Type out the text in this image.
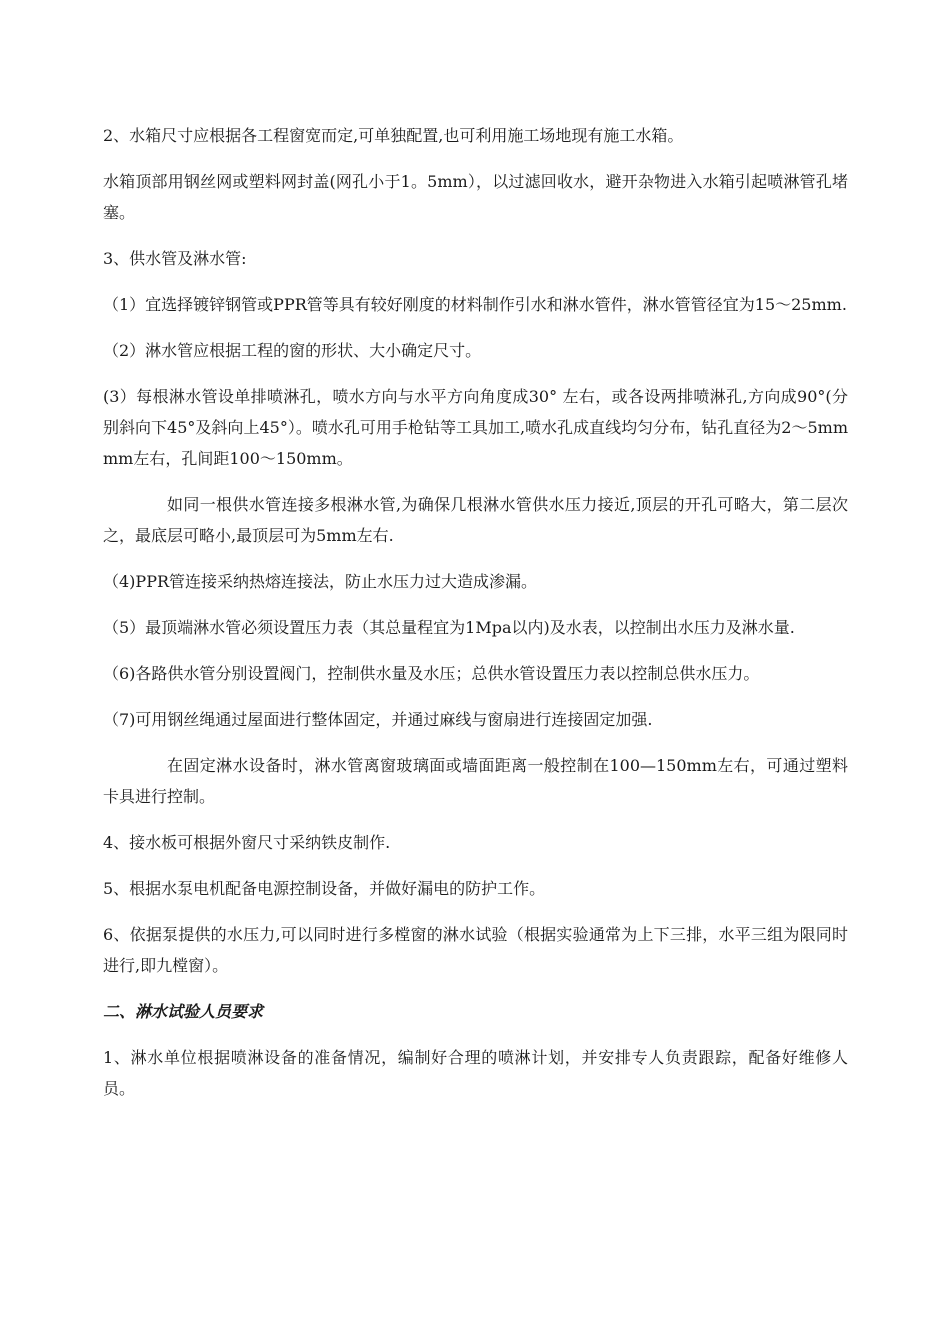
2、水箱尺寸应根据各工程窗宽而定,可单独配置,也可利用施工场地现有施工水箱。

水箱顶部用钢丝网或塑料网封盖(网孔小于1。5mm），以过滤回收水，避开杂物进入水箱引起喷淋管孔堵塞。

3、供水管及淋水管:

（1）宜选择镀锌钢管或PPR管等具有较好刚度的材料制作引水和淋水管件，淋水管管径宜为15～25mm.

（2）淋水管应根据工程的窗的形状、大小确定尺寸。

(3）每根淋水管设单排喷淋孔，喷水方向与水平方向角度成30° 左右，或各设两排喷淋孔,方向成90°(分别斜向下45°及斜向上45°）。喷水孔可用手枪钻等工具加工,喷水孔成直线均匀分布，钻孔直径为2～5mmmm左右，孔间距100～150mm。

如同一根供水管连接多根淋水管,为确保几根淋水管供水压力接近,顶层的开孔可略大，第二层次之，最底层可略小,最顶层可为5mm左右.

（4)PPR管连接采纳热熔连接法，防止水压力过大造成渗漏。

（5）最顶端淋水管必须设置压力表（其总量程宜为1Mpa以内)及水表，以控制出水压力及淋水量.

（6)各路供水管分别设置阀门，控制供水量及水压；总供水管设置压力表以控制总供水压力。

（7)可用钢丝绳通过屋面进行整体固定，并通过麻线与窗扇进行连接固定加强.

在固定淋水设备时，淋水管离窗玻璃面或墙面距离一般控制在100—150mm左右，可通过塑料卡具进行控制。

4、接水板可根据外窗尺寸采纳铁皮制作.

5、根据水泵电机配备电源控制设备，并做好漏电的防护工作。

6、依据泵提供的水压力,可以同时进行多樘窗的淋水试验（根据实验通常为上下三排，水平三组为限同时进行,即九樘窗）。

二、淋水试验人员要求

1、淋水单位根据喷淋设备的准备情况，编制好合理的喷淋计划，并安排专人负责跟踪，配备好维修人员。
